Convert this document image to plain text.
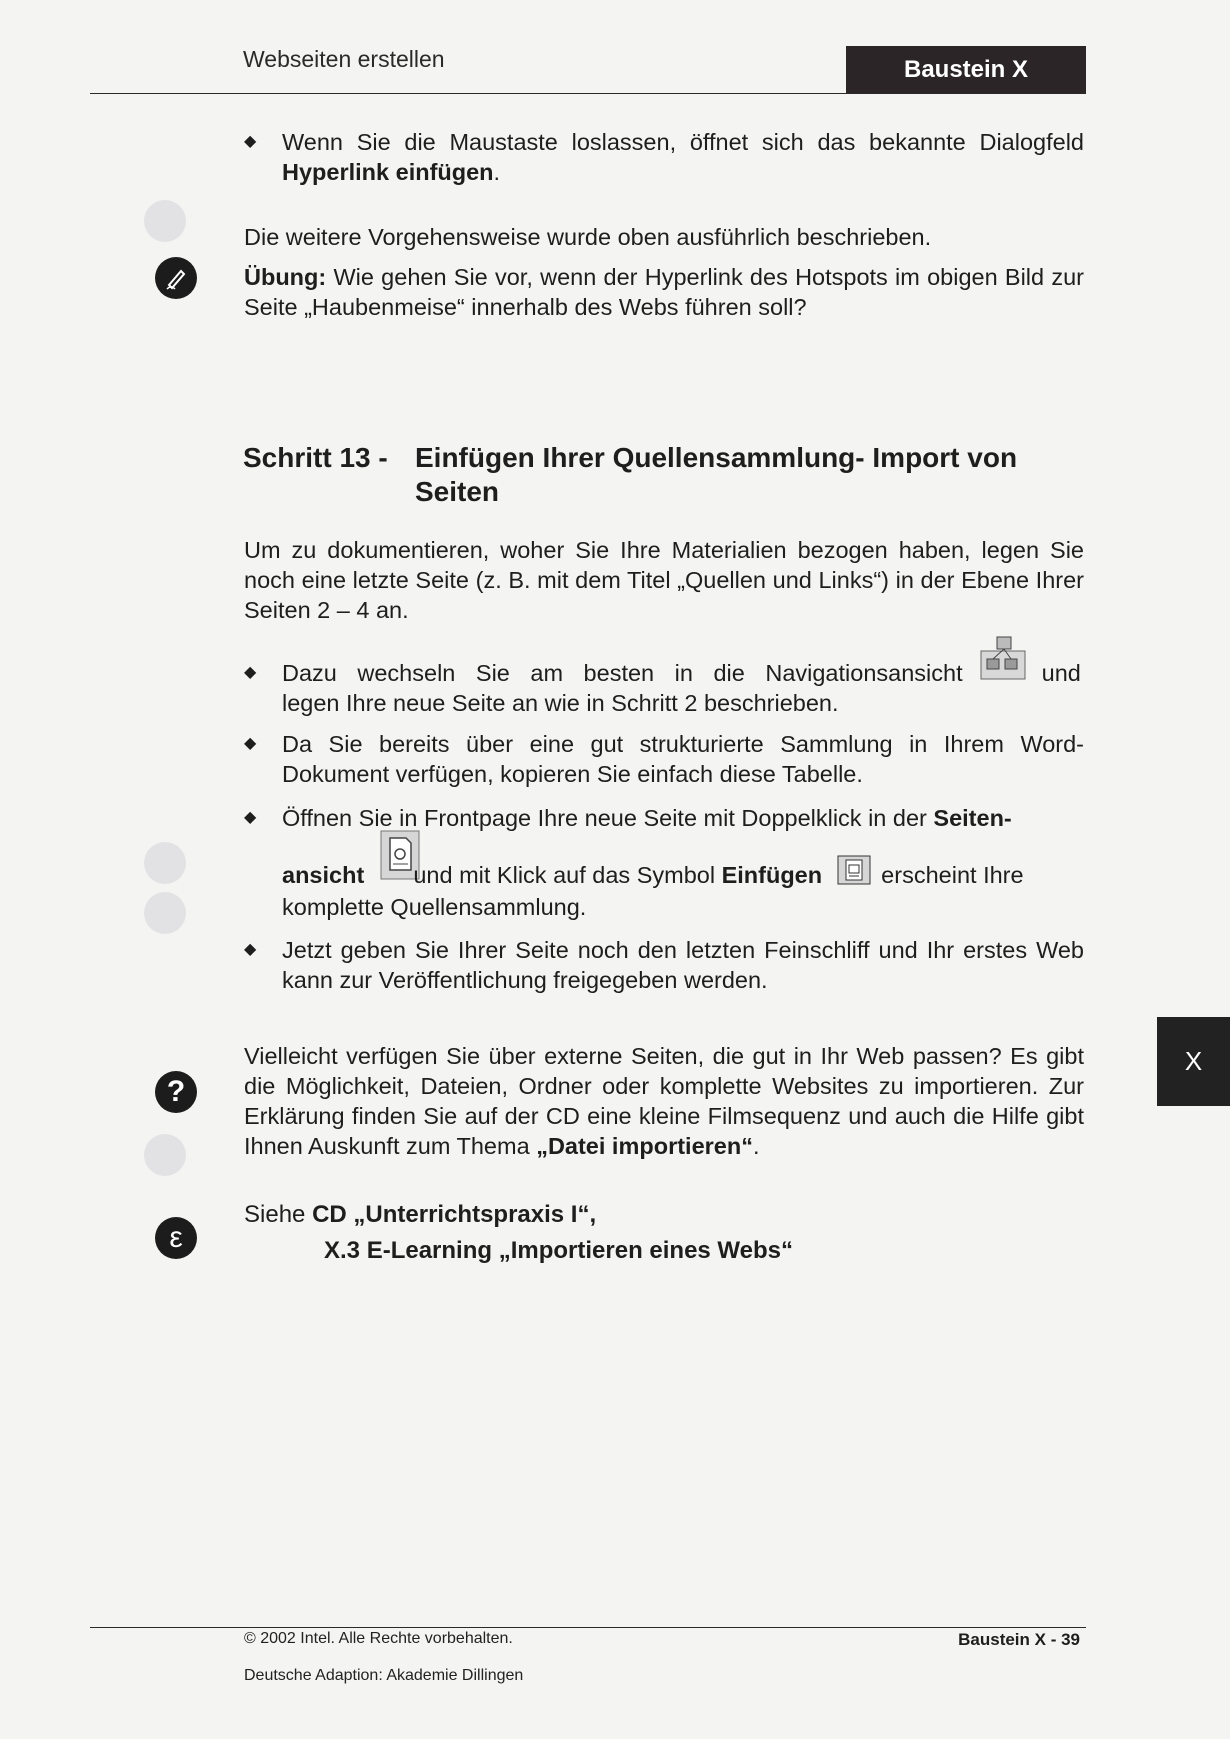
Webseiten erstellen	Baustein X
◆ Wenn Sie die Maustaste loslassen, öffnet sich das bekannte Dialogfeld Hyperlink einfügen.
Die weitere Vorgehensweise wurde oben ausführlich beschrieben.
Übung: Wie gehen Sie vor, wenn der Hyperlink des Hotspots im obigen Bild zur Seite „Haubenmeise“ innerhalb des Webs führen soll?
Schritt 13 - Einfügen Ihrer Quellensammlung- Import von
Seiten
Um zu dokumentieren, woher Sie Ihre Materialien bezogen haben, legen Sie noch eine letzte Seite (z. B. mit dem Titel „Quellen und Links“) in der Ebene Ihrer Seiten 2 – 4 an.
◆ Dazu wechseln Sie am besten in die Navigationsansicht	und
legen Ihre neue Seite an wie in Schritt 2 beschrieben.
◆ Da Sie bereits über eine gut strukturierte Sammlung in Ihrem Word-Dokument verfügen, kopieren Sie einfach diese Tabelle.
◆ Öffnen Sie in Frontpage Ihre neue Seite mit Doppelklick in der Seiten-
ansicht  und mit Klick auf das Symbol Einfügen  erscheint Ihre
komplette Quellensammlung.
◆ Jetzt geben Sie Ihrer Seite noch den letzten Feinschliff und Ihr erstes Web kann zur Veröffentlichung freigegeben werden.
?
Vielleicht verfügen Sie über externe Seiten, die gut in Ihr Web passen? Es gibt die Möglichkeit, Dateien, Ordner oder komplette Websites zu importieren. Zur Erklärung finden Sie auf der CD eine kleine Filmsequenz und auch die Hilfe gibt Ihnen Auskunft zum Thema „Datei importieren“.
ε
Siehe CD „Unterrichtspraxis I“,
X.3 E-Learning „Importieren eines Webs“
X
© 2002 Intel. Alle Rechte vorbehalten.	Baustein X - 39
Deutsche Adaption: Akademie Dillingen
